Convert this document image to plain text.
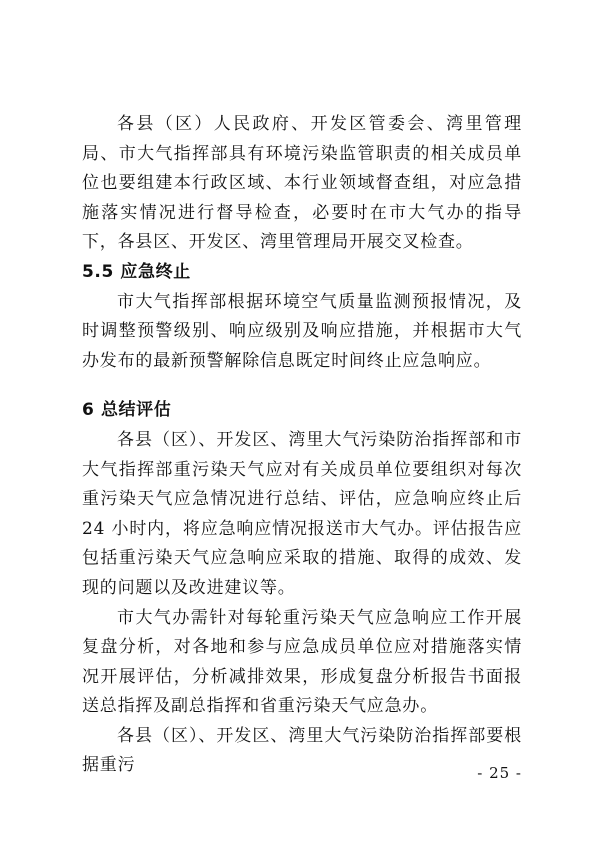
各县（区）人民政府、开发区管委会、湾里管理局、市大气指挥部具有环境污染监管职责的相关成员单位也要组建本行政区域、本行业领域督查组，对应急措施落实情况进行督导检查，必要时在市大气办的指导下，各县区、开发区、湾里管理局开展交叉检查。

5.5 应急终止

市大气指挥部根据环境空气质量监测预报情况，及时调整预警级别、响应级别及响应措施，并根据市大气办发布的最新预警解除信息既定时间终止应急响应。

6 总结评估

各县（区）、开发区、湾里大气污染防治指挥部和市大气指挥部重污染天气应对有关成员单位要组织对每次重污染天气应急情况进行总结、评估，应急响应终止后 24 小时内，将应急响应情况报送市大气办。评估报告应包括重污染天气应急响应采取的措施、取得的成效、发现的问题以及改进建议等。

市大气办需针对每轮重污染天气应急响应工作开展复盘分析，对各地和参与应急成员单位应对措施落实情况开展评估，分析减排效果，形成复盘分析报告书面报送总指挥及副总指挥和省重污染天气应急办。

各县（区）、开发区、湾里大气污染防治指挥部要根据重污	- 25 -
